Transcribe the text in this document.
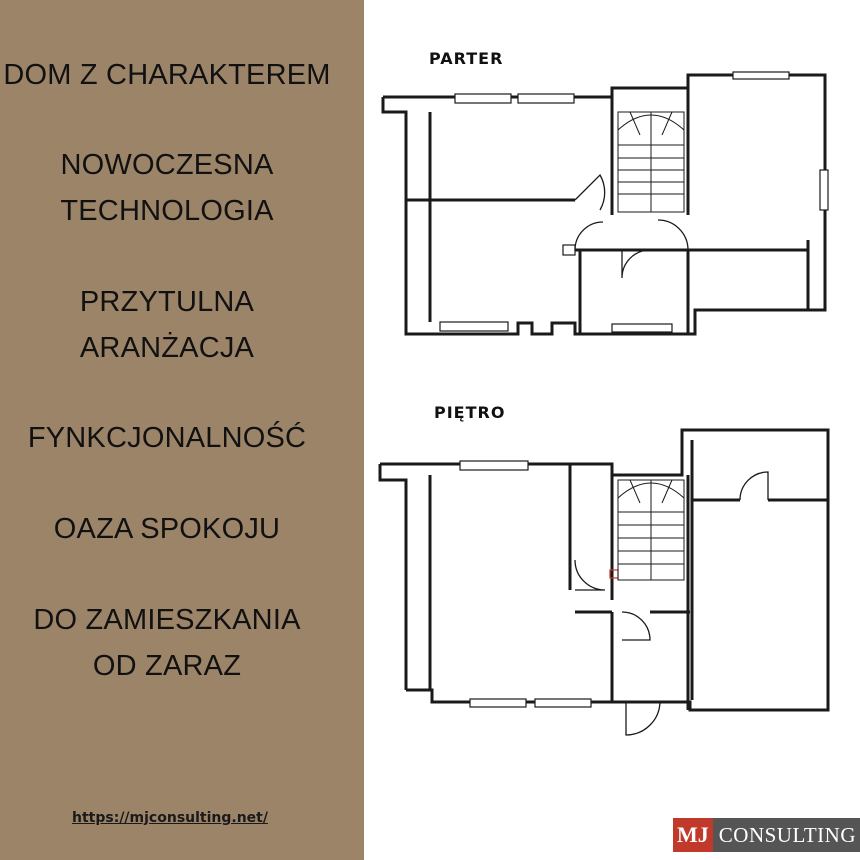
DOM Z CHARAKTEREM
NOWOCZESNA
TECHNOLOGIA
PRZYTULNA
ARANŻACJA
FYNKCJONALNOŚĆ
OAZA SPOKOJU
DO ZAMIESZKANIA
OD ZARAZ
https://mjconsulting.net/
PARTER
PIĘTRO
MJ CONSULTING
